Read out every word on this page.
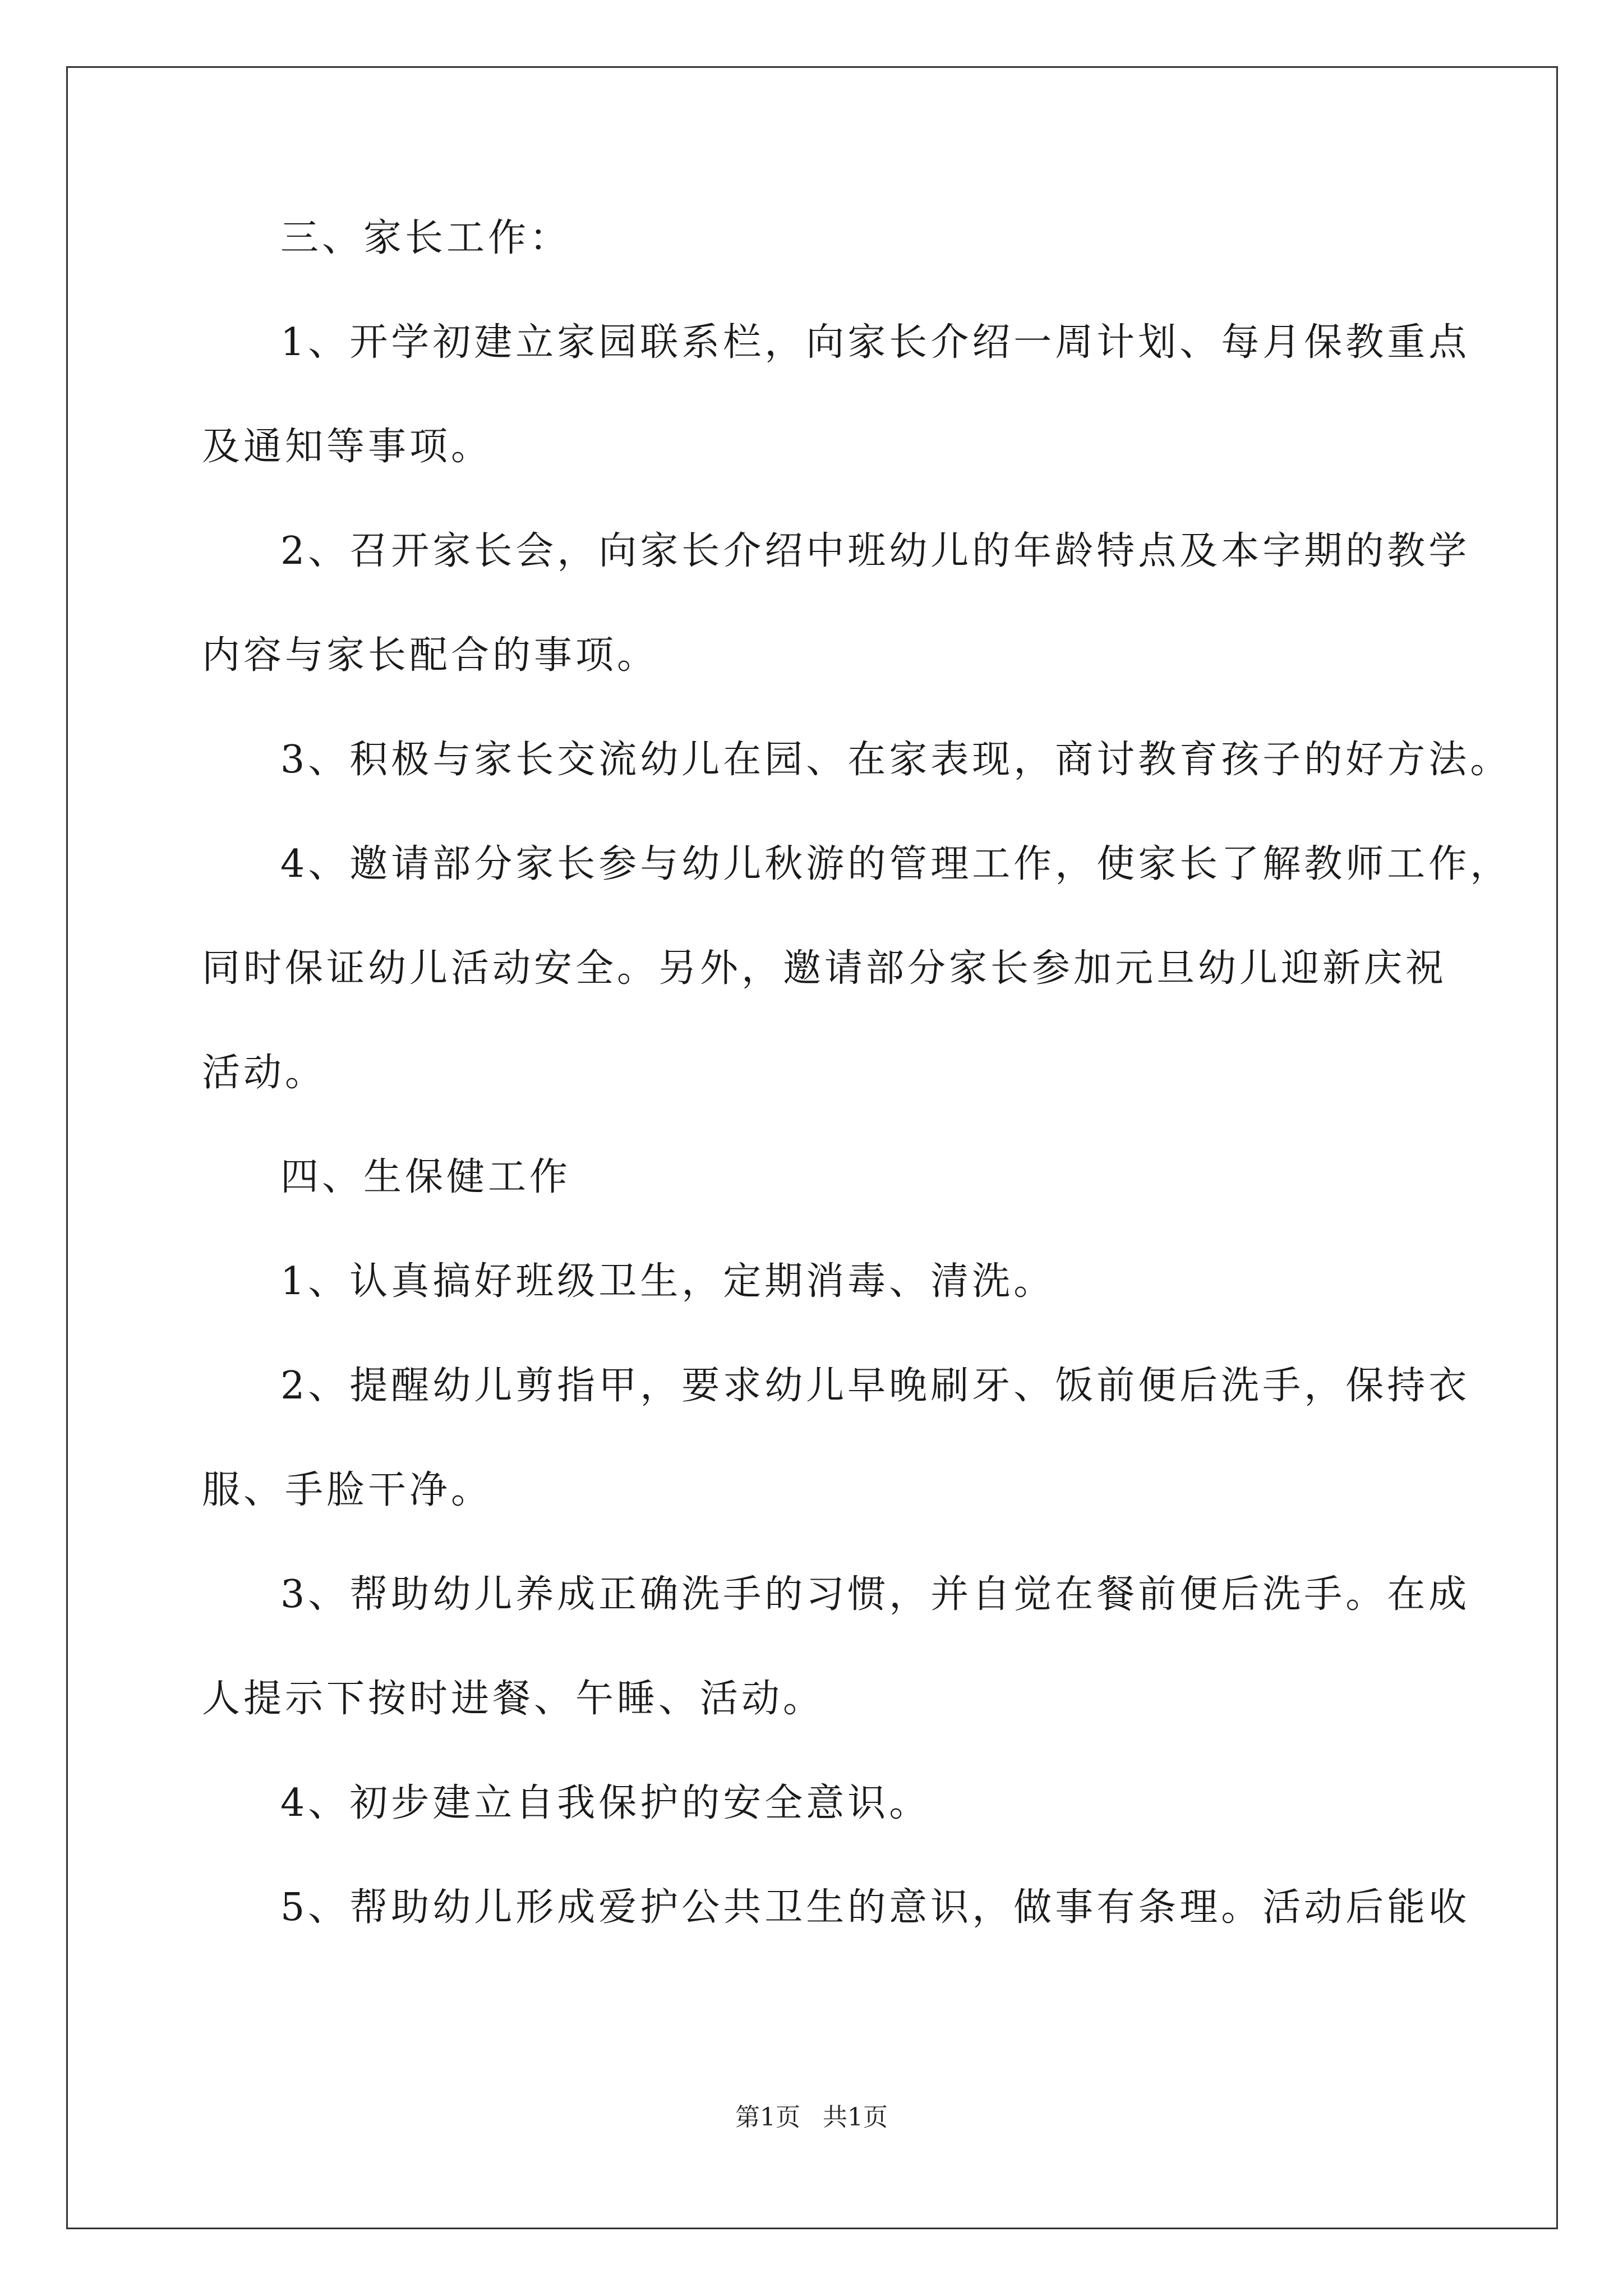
三、家长工作：
1、开学初建立家园联系栏，向家长介绍一周计划、每月保教重点
及通知等事项。
2、召开家长会，向家长介绍中班幼儿的年龄特点及本字期的教学
内容与家长配合的事项。
3、积极与家长交流幼儿在园、在家表现，商讨教育孩子的好方法。
4、邀请部分家长参与幼儿秋游的管理工作，使家长了解教师工作，
同时保证幼儿活动安全。另外，邀请部分家长参加元旦幼儿迎新庆祝
活动。
四、生保健工作
1、认真搞好班级卫生，定期消毒、清洗。
2、提醒幼儿剪指甲，要求幼儿早晚刷牙、饭前便后洗手，保持衣
服、手脸干净。
3、帮助幼儿养成正确洗手的习惯，并自觉在餐前便后洗手。在成
人提示下按时进餐、午睡、活动。
4、初步建立自我保护的安全意识。
5、帮助幼儿形成爱护公共卫生的意识，做事有条理。活动后能收
第1页 共1页
